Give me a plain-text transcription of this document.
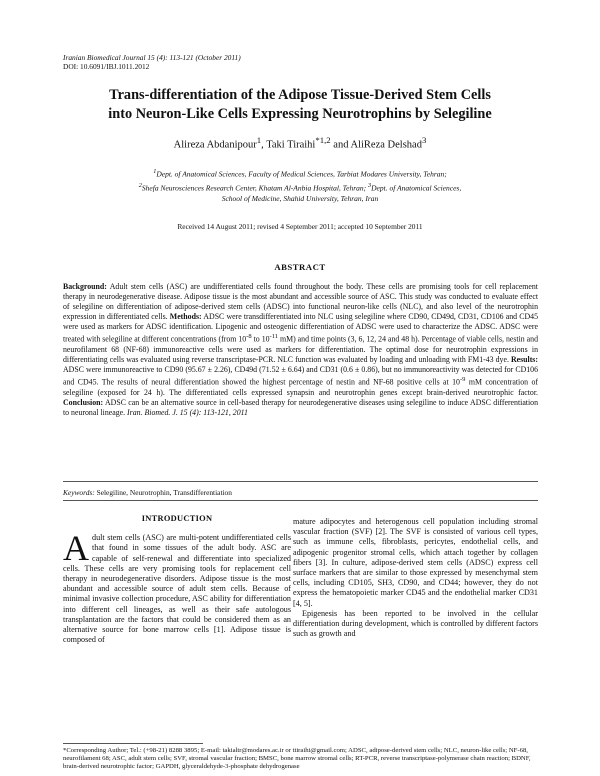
Iranian Biomedical Journal 15 (4): 113-121 (October 2011)
DOI: 10.6091/IBJ.1011.2012
Trans-differentiation of the Adipose Tissue-Derived Stem Cells
into Neuron-Like Cells Expressing Neurotrophins by Selegiline
Alireza Abdanipour$^1$, Taki Tiraihi$^{*1,2}$ and AliReza Delshad$^3$
$^1$Dept. of Anatomical Sciences, Faculty of Medical Sciences, Tarbiat Modares University, Tehran;
$^2$Shefa Neurosciences Research Center, Khatam Al-Anbia Hospital, Tehran; $^3$Dept. of Anatomical Sciences,
School of Medicine, Shahid University, Tehran, Iran
Received 14 August 2011; revised 4 September 2011; accepted 10 September 2011
ABSTRACT
Background: Adult stem cells (ASC) are undifferentiated cells found throughout the body. These cells are promising tools for cell replacement therapy in neurodegenerative disease. Adipose tissue is the most abundant and accessible source of ASC. This study was conducted to evaluate effect of selegiline on differentiation of adipose-derived stem cells (ADSC) into functional neuron-like cells (NLC), and also level of the neurotrophin expression in differentiated cells. Methods: ADSC were transdifferentiated into NLC using selegiline where CD90, CD49d, CD31, CD106 and CD45 were used as markers for ADSC identification. Lipogenic and osteogenic differentiation of ADSC were used to characterize the ADSC. ADSC were treated with selegiline at different concentrations (from $10^{-8}$ to $10^{-11}$ mM) and time points (3, 6, 12, 24 and 48 h). Percentage of viable cells, nestin and neurofilament 68 (NF-68) immunoreactive cells were used as markers for differentiation. The optimal dose for neurotrophin expressions in differentiating cells was evaluated using reverse transcriptase-PCR. NLC function was evaluated by loading and unloading with FM1-43 dye. Results: ADSC were immunoreactive to CD90 (95.67 ± 2.26), CD49d (71.52 ± 6.64) and CD31 (0.6 ± 0.86), but no immunoreactivity was detected for CD106 and CD45. The results of neural differentiation showed the highest percentage of nestin and NF-68 positive cells at $10^{-9}$ mM concentration of selegiline (exposed for 24 h). The differentiated cells expressed synapsin and neurotrophin genes except brain-derived neurotrophic factor. Conclusion: ADSC can be an alternative source in cell-based therapy for neurodegenerative diseases using selegiline to induce ADSC differentiation to neuronal lineage. Iran. Biomed. J. 15 (4): 113-121, 2011
Keywords: Selegiline, Neurotrophin, Transdifferentiation

INTRODUCTION

Adult stem cells (ASC) are multi-potent undifferentiated cells that found in some tissues of the adult body. ASC are capable of self-renewal and differentiate into specialized cells. These cells are very promising tools for replacement cell therapy in neurodegenerative disorders. Adipose tissue is the most abundant and accessible source of adult stem cells. Because of minimal invasive collection procedure, ASC ability for differentiation into different cell lineages, as well as their safe autologous transplantation are the factors that could be considered them as an alternative source for bone marrow cells [1]. Adipose tissue is composed of

mature adipocytes and heterogenous cell population including stromal vascular fraction (SVF) [2]. The SVF is consisted of various cell types, such as immune cells, fibroblasts, pericytes, endothelial cells, and adipogenic progenitor stromal cells, which attach together by collagen fibers [3]. In culture, adipose-derived stem cells (ADSC) express cell surface markers that are similar to those expressed by mesenchymal stem cells, including CD105, SH3, CD90, and CD44; however, they do not express the hematopoietic marker CD45 and the endothelial marker CD31 [4, 5].

Epigenesis has been reported to be involved in the cellular differentiation during development, which is controlled by different factors such as growth and

*Corresponding Author; Tel.: (+98-21) 8288 3895; E-mail: takialtr@modares.ac.ir or ttiraihi@gmail.com; ADSC, adipose-derived stem cells; NLC, neuron-like cells; NF-68, neurofilament 68; ASC, adult stem cells; SVF, stromal vascular fraction; BMSC, bone marrow stromal cells; RT-PCR, reverse transcriptase-polymerase chain reaction; BDNF, brain-derived neurotrophic factor; GAPDH, glyceraldehyde-3-phosphate dehydrogenase
